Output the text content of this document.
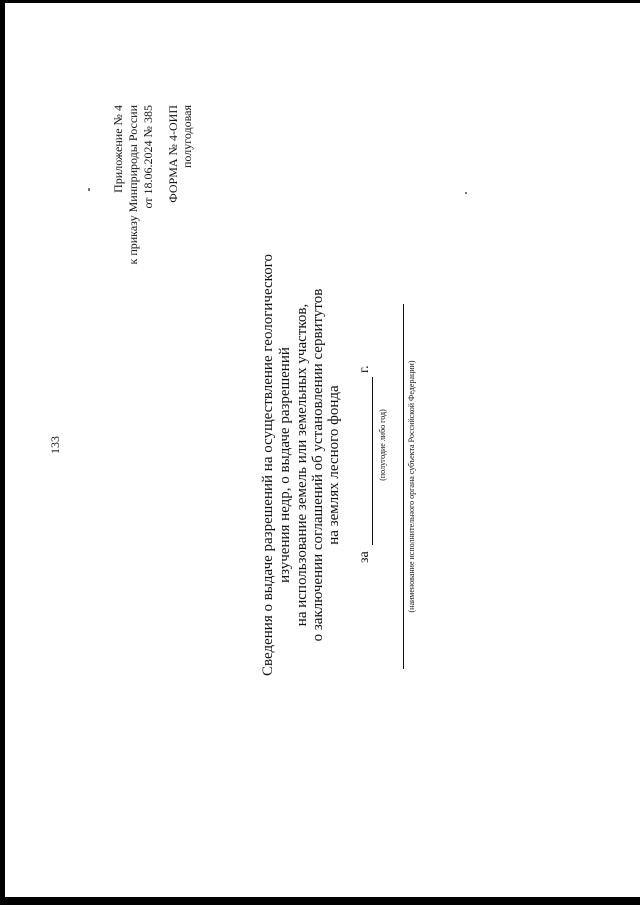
133
Приложение № 4 к приказу Минприроды России от 18.06.2024 № 385 ФОРМА № 4-ОИП полугодовая
Сведения о выдаче разрешений на осуществление геологического изучения недр, о выдаче разрешений на использование земель или земельных участков, о заключении соглашений об установлении сервитутов на землях лесного фонда
за
г.
(полугодие либо год)	(наименование исполнительного органа субъекта Российской Федерации)
